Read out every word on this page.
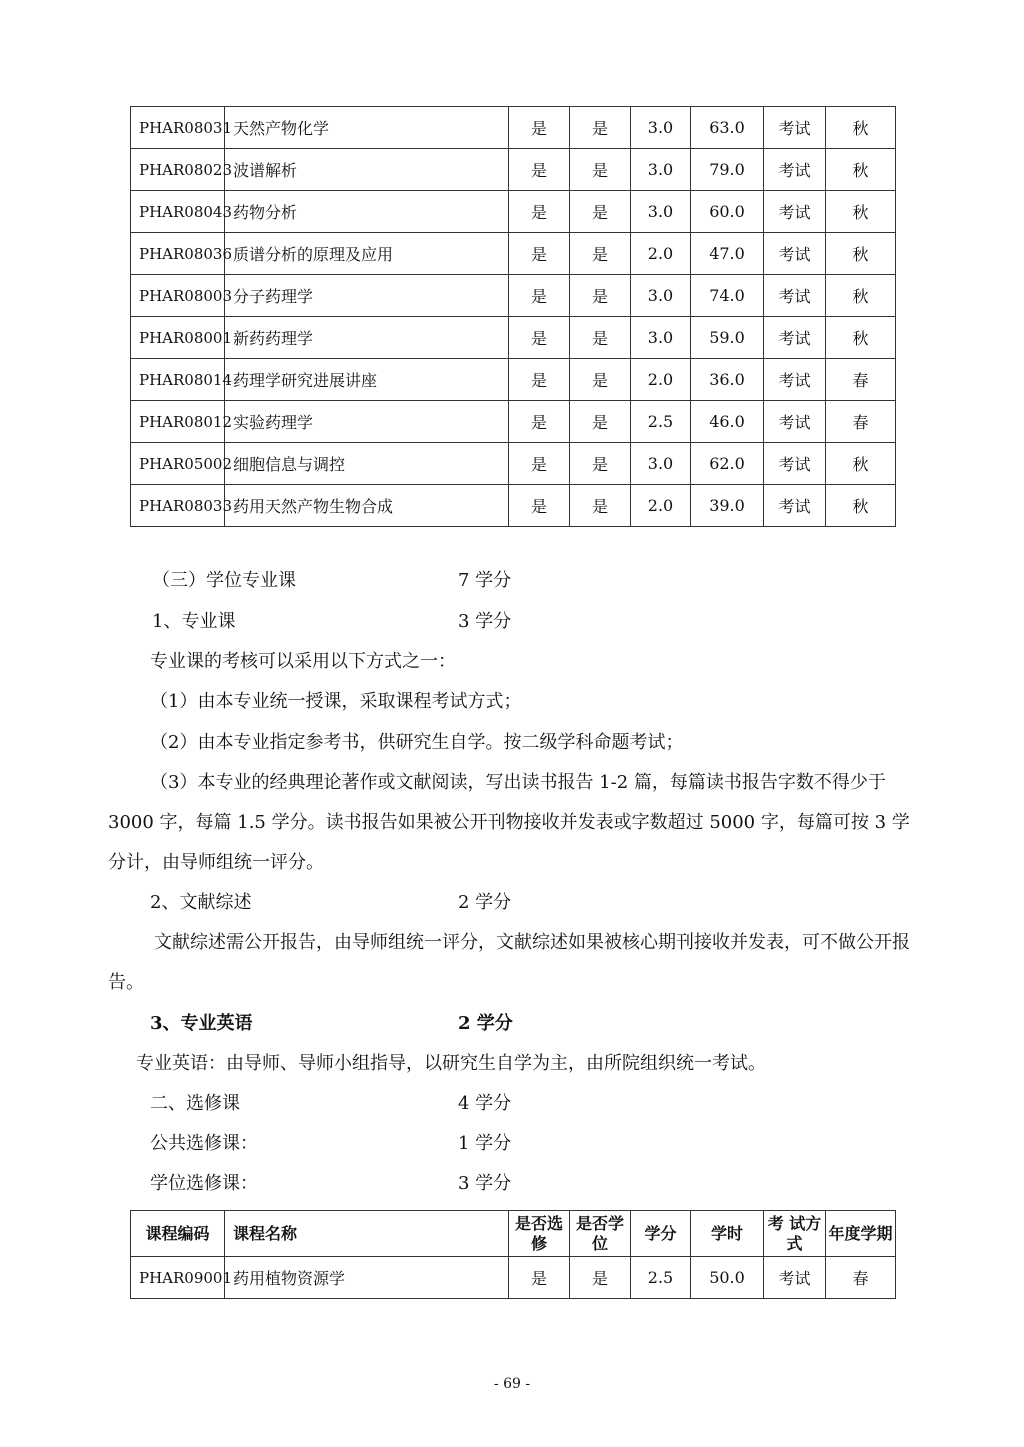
PHAR08031	天然产物化学	是	是	3.0	63.0	考试	秋
PHAR08023	波谱解析	是	是	3.0	79.0	考试	秋
PHAR08043	药物分析	是	是	3.0	60.0	考试	秋
PHAR08036	质谱分析的原理及应用	是	是	2.0	47.0	考试	秋
PHAR08003	分子药理学	是	是	3.0	74.0	考试	秋
PHAR08001	新药药理学	是	是	3.0	59.0	考试	秋
PHAR08014	药理学研究进展讲座	是	是	2.0	36.0	考试	春
PHAR08012	实验药理学	是	是	2.5	46.0	考试	春
PHAR05002	细胞信息与调控	是	是	3.0	62.0	考试	秋
PHAR08033	药用天然产物生物合成	是	是	2.0	39.0	考试	秋
（三）学位专业课	7 学分
1、专业课	3 学分
专业课的考核可以采用以下方式之一：
（1）由本专业统一授课，采取课程考试方式；
（2）由本专业指定参考书，供研究生自学。按二级学科命题考试；
（3）本专业的经典理论著作或文献阅读，写出读书报告 1-2 篇，每篇读书报告字数不得少于 3000 字，每篇 1.5 学分。读书报告如果被公开刊物接收并发表或字数超过 5000 字，每篇可按 3 学分计，由导师组统一评分。
2、文献综述	2 学分
文献综述需公开报告，由导师组统一评分，文献综述如果被核心期刊接收并发表，可不做公开报告。
3、专业英语	2 学分
专业英语：由导师、导师小组指导，以研究生自学为主，由所院组织统一考试。
二、选修课	4 学分
公共选修课：	1 学分
学位选修课：	3 学分
课程编码	课程名称	是否选修	是否学位	学分	学时	考 试方式	年度学期
PHAR09001	药用植物资源学	是	是	2.5	50.0	考试	春
- 69 -
